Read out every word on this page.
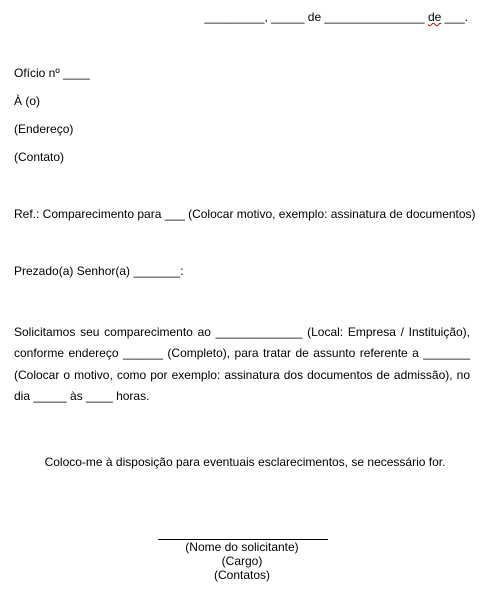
_________, _____ de _______________ de ___.
Ofício nº ____
À (o)
(Endereço)
(Contato)
Ref.: Comparecimento para ___ (Colocar motivo, exemplo: assinatura de documentos)
Prezado(a) Senhor(a) _______:
Solicitamos seu comparecimento ao _____________ (Local: Empresa / Instituição),
conforme endereço ______ (Completo), para tratar de assunto referente a _______
(Colocar o motivo, como por exemplo: assinatura dos documentos de admissão), no
dia _____ às ____ horas.
Coloco-me à disposição para eventuais esclarecimentos, se necessário for.
(Nome do solicitante)
(Cargo)
(Contatos)
